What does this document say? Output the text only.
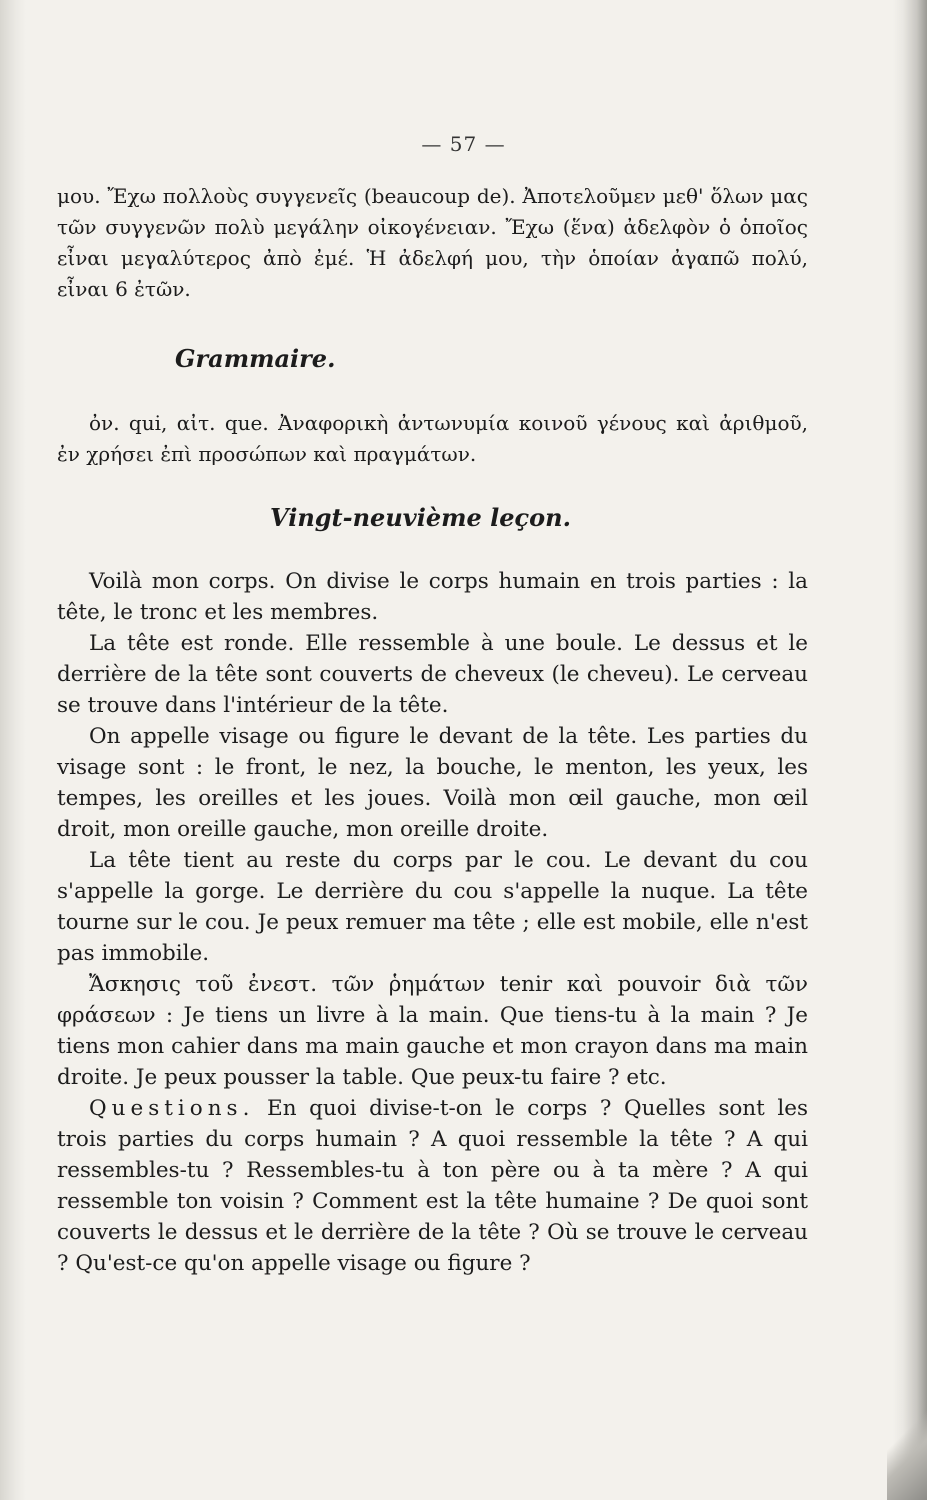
— 57 —

μου. Ἔχω πολλοὺς συγγενεῖς (beaucoup de). Ἀποτελοῦμεν μεθ' ὅλων μας τῶν συγγενῶν πολὺ μεγάλην οἰκογένειαν. Ἔχω (ἕνα) ἀδελφὸν ὁ ὁποῖος εἶναι μεγαλύτερος ἀπὸ ἐμέ. Ἡ ἀδελφή μου, τὴν ὁποίαν ἀγαπῶ πολύ, εἶναι 6 ἐτῶν.

Grammaire.

ὀν. qui, αἰτ. que. Ἀναφορικὴ ἀντωνυμία κοινοῦ γένους καὶ ἀριθμοῦ, ἐν χρήσει ἐπὶ προσώπων καὶ πραγμάτων.

Vingt-neuvième leçon.

Voilà mon corps. On divise le corps humain en trois parties : la tête, le tronc et les membres.

La tête est ronde. Elle ressemble à une boule. Le dessus et le derrière de la tête sont couverts de cheveux (le cheveu). Le cerveau se trouve dans l'intérieur de la tête.

On appelle visage ou figure le devant de la tête. Les parties du visage sont : le front, le nez, la bouche, le menton, les yeux, les tempes, les oreilles et les joues. Voilà mon œil gauche, mon œil droit, mon oreille gauche, mon oreille droite.

La tête tient au reste du corps par le cou. Le devant du cou s'appelle la gorge. Le derrière du cou s'appelle la nuque. La tête tourne sur le cou. Je peux remuer ma tête ; elle est mobile, elle n'est pas immobile.

Ἄσκησις τοῦ ἐνεστ. τῶν ῥημάτων tenir καὶ pouvoir διὰ τῶν φράσεων : Je tiens un livre à la main. Que tiens-tu à la main ? Je tiens mon cahier dans ma main gauche et mon crayon dans ma main droite. Je peux pousser la table. Que peux-tu faire ? etc.

Questions. En quoi divise-t-on le corps ? Quelles sont les trois parties du corps humain ? A quoi ressemble la tête ? A qui ressembles-tu ? Ressembles-tu à ton père ou à ta mère ? A qui ressemble ton voisin ? Comment est la tête humaine ? De quoi sont couverts le dessus et le derrière de la tête ? Où se trouve le cerveau ? Qu'est-ce qu'on appelle visage ou figure ?
